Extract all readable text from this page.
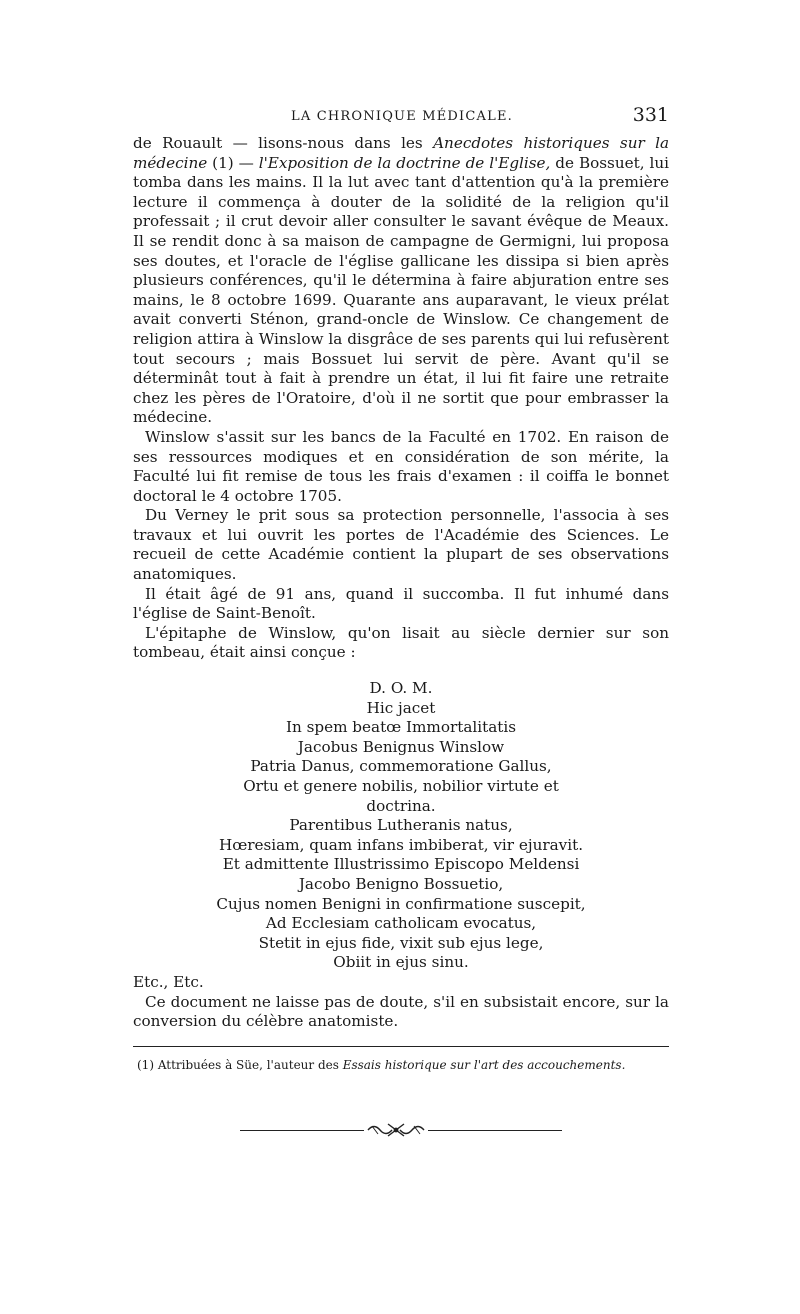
LA CHRONIQUE MÉDICALE.	331

de Rouault — lisons-nous dans les Anecdotes historiques sur la médecine (1) — l'Exposition de la doctrine de l'Eglise, de Bossuet, lui tomba dans les mains. Il la lut avec tant d'attention qu'à la première lecture il commença à douter de la solidité de la religion qu'il professait ; il crut devoir aller consulter le savant évêque de Meaux. Il se rendit donc à sa maison de campagne de Germigni, lui proposa ses doutes, et l'oracle de l'église gallicane les dissipa si bien après plusieurs conférences, qu'il le détermina à faire abjuration entre ses mains, le 8 octobre 1699. Quarante ans auparavant, le vieux prélat avait converti Sténon, grand-oncle de Winslow. Ce changement de religion attira à Winslow la disgrâce de ses parents qui lui refusèrent tout secours ; mais Bossuet lui servit de père. Avant qu'il se déterminât tout à fait à prendre un état, il lui fit faire une retraite chez les pères de l'Oratoire, d'où il ne sortit que pour embrasser la médecine.

Winslow s'assit sur les bancs de la Faculté en 1702. En raison de ses ressources modiques et en considération de son mérite, la Faculté lui fit remise de tous les frais d'examen : il coiffa le bonnet doctoral le 4 octobre 1705.

Du Verney le prit sous sa protection personnelle, l'associa à ses travaux et lui ouvrit les portes de l'Académie des Sciences. Le recueil de cette Académie contient la plupart de ses observations anatomiques.

Il était âgé de 91 ans, quand il succomba. Il fut inhumé dans l'église de Saint-Benoît.

L'épitaphe de Winslow, qu'on lisait au siècle dernier sur son tombeau, était ainsi conçue :

D. O. M.
Hic jacet
In spem beatœ Immortalitatis
Jacobus Benignus Winslow
Patria Danus, commemoratione Gallus,
Ortu et genere nobilis, nobilior virtute et
doctrina.
Parentibus Lutheranis natus,
Hœresiam, quam infans imbiberat, vir ejuravit.
Et admittente Illustrissimo Episcopo Meldensi
Jacobo Benigno Bossuetio,
Cujus nomen Benigni in confirmatione suscepit,
Ad Ecclesiam catholicam evocatus,
Stetit in ejus fide, vixit sub ejus lege,
Obiit in ejus sinu.

Etc., Etc.

Ce document ne laisse pas de doute, s'il en subsistait encore, sur la conversion du célèbre anatomiste.

(1) Attribuées à Süe, l'auteur des Essais historique sur l'art des accouchements.
